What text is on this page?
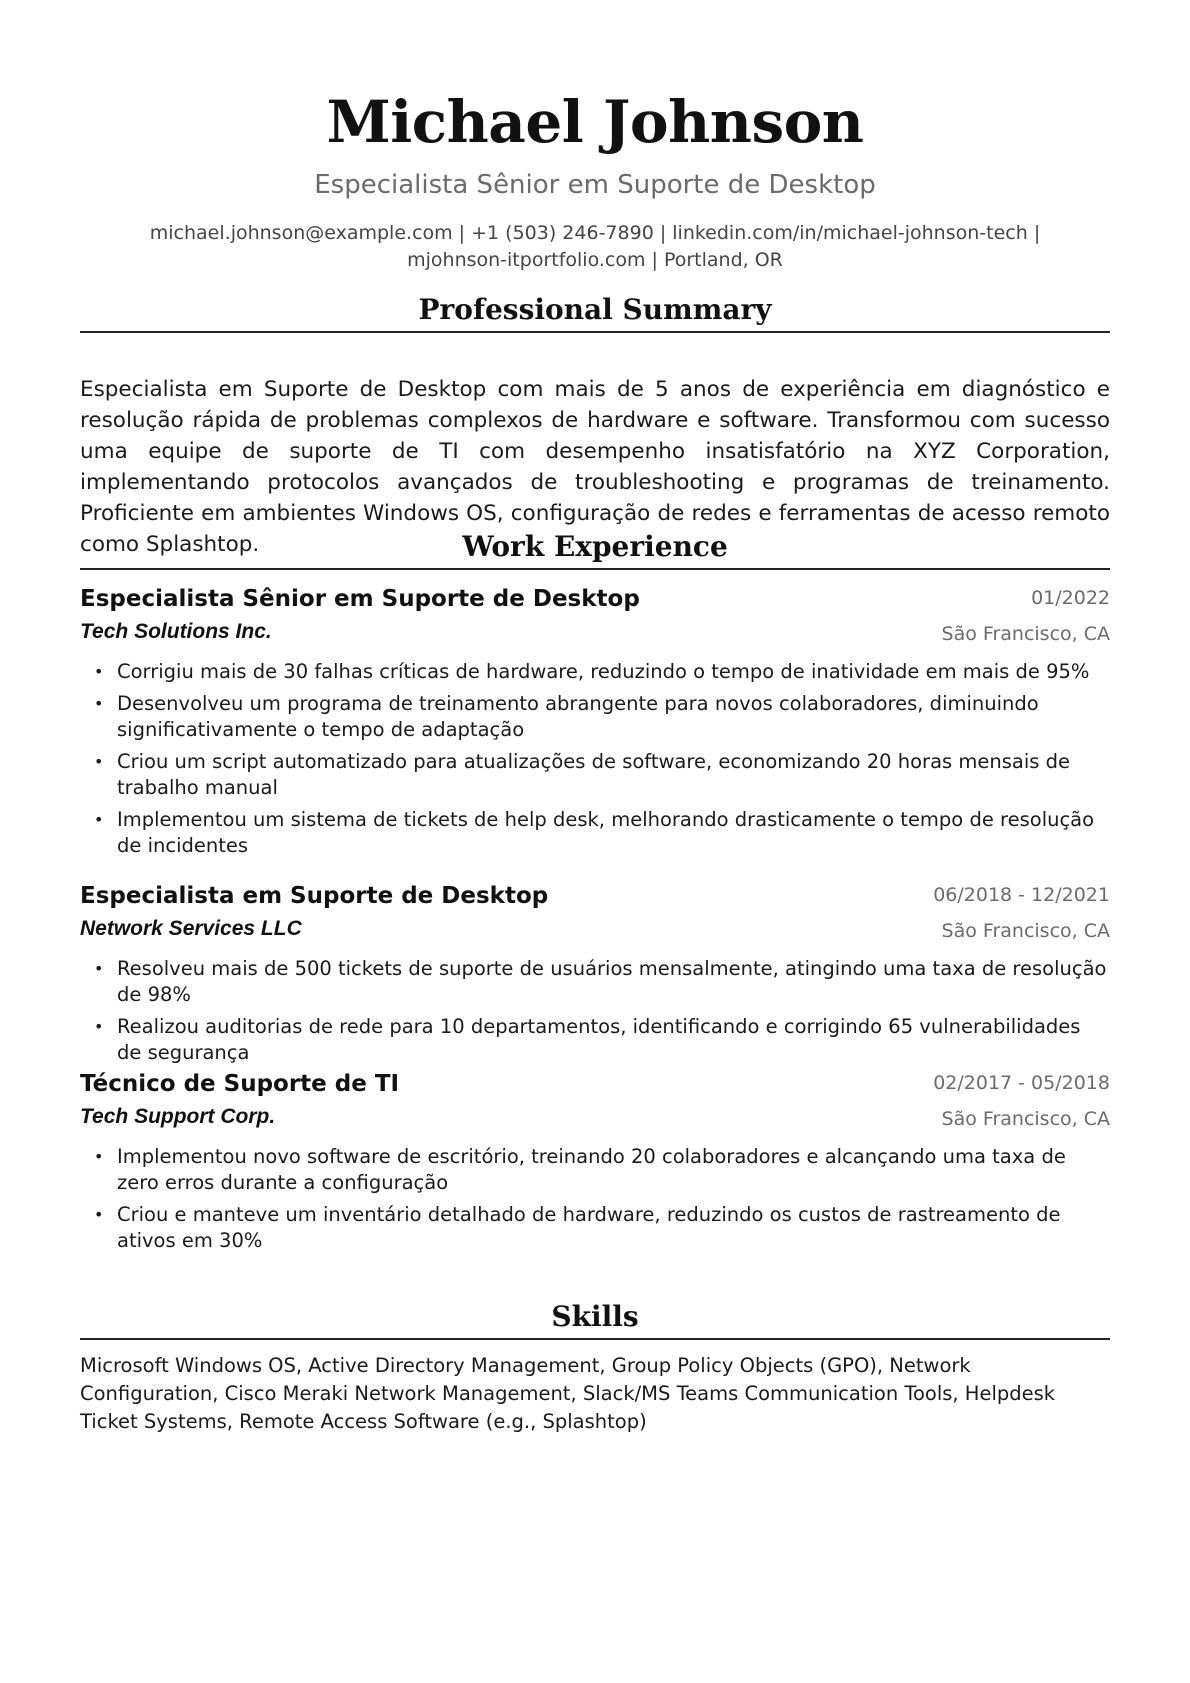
Michael Johnson
Especialista Sênior em Suporte de Desktop
michael.johnson@example.com | +1 (503) 246-7890 | linkedin.com/in/michael-johnson-tech |
mjohnson-itportfolio.com | Portland, OR
Professional Summary
Especialista em Suporte de Desktop com mais de 5 anos de experiência em diagnóstico e resolução rápida de problemas complexos de hardware e software. Transformou com sucesso uma equipe de suporte de TI com desempenho insatisfatório na XYZ Corporation, implementando protocolos avançados de troubleshooting e programas de treinamento. Proficiente em ambientes Windows OS, configuração de redes e ferramentas de acesso remoto como Splashtop.	Work Experience
Especialista Sênior em Suporte de Desktop	01/2022
Tech Solutions Inc.	São Francisco, CA
• Corrigiu mais de 30 falhas críticas de hardware, reduzindo o tempo de inatividade em mais de 95%
• Desenvolveu um programa de treinamento abrangente para novos colaboradores, diminuindo significativamente o tempo de adaptação
• Criou um script automatizado para atualizações de software, economizando 20 horas mensais de trabalho manual
• Implementou um sistema de tickets de help desk, melhorando drasticamente o tempo de resolução de incidentes
Especialista em Suporte de Desktop	06/2018 - 12/2021
Network Services LLC	São Francisco, CA
• Resolveu mais de 500 tickets de suporte de usuários mensalmente, atingindo uma taxa de resolução de 98%
• Realizou auditorias de rede para 10 departamentos, identificando e corrigindo 65 vulnerabilidades de segurança
Técnico de Suporte de TI	02/2017 - 05/2018
Tech Support Corp.	São Francisco, CA
• Implementou novo software de escritório, treinando 20 colaboradores e alcançando uma taxa de zero erros durante a configuração
• Criou e manteve um inventário detalhado de hardware, reduzindo os custos de rastreamento de ativos em 30%
Skills
Microsoft Windows OS, Active Directory Management, Group Policy Objects (GPO), Network Configuration, Cisco Meraki Network Management, Slack/MS Teams Communication Tools, Helpdesk Ticket Systems, Remote Access Software (e.g., Splashtop)
